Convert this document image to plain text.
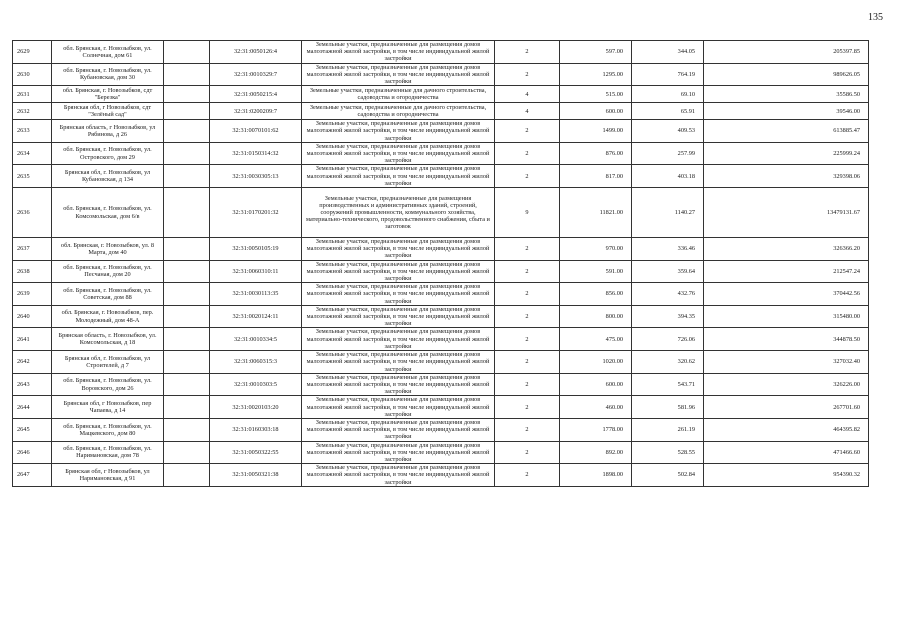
135
2629	обл. Брянская, г. Новозыбков, ул. Солнечная, дом 61		32:31:0050126:4	Земельные участки, предназначенные для размещения домов малоэтажной жилой застройки, в том числе индивидуальной жилой застройки	2	597.00	344.05	205397.85
2630	обл. Брянская, г. Новозыбков, ул. Кубановская, дом 30		32:31:0010329:7	Земельные участки, предназначенные для размещения домов малоэтажной жилой застройки, в том числе индивидуальной жилой застройки	2	1295.00	764.19	989626.05
2631	обл. Брянская, г. Новозыбков, сдт "Березка"		32:31:0050215:4	Земельные участки, предназначенные для дачного строительства, садоводства и огородничества	4	515.00	69.10	35586.50
2632	Брянская обл, г Новозыбков, сдт "Зелёный сад"		32:31:0200209:7	Земельные участки, предназначенные для дачного строительства, садоводства и огородничества	4	600.00	65.91	39546.00
2633	Брянская область, г Новозыбков, ул Рябинова, д 26		32:31:0070101:62	Земельные участки, предназначенные для размещения домов малоэтажной жилой застройки, в том числе индивидуальной жилой застройки	2	1499.00	409.53	613885.47
2634	обл. Брянская, г. Новозыбков, ул. Островского, дом 29		32:31:0150314:32	Земельные участки, предназначенные для размещения домов малоэтажной жилой застройки, в том числе индивидуальной жилой застройки	2	876.00	257.99	225999.24
2635	Брянская обл, г. Новозыбков, ул Кубановская, д 134		32:31:0030305:13	Земельные участки, предназначенные для размещения домов малоэтажной жилой застройки, в том числе индивидуальной жилой застройки	2	817.00	403.18	329398.06
2636	обл. Брянская, г. Новозыбков, ул. Комсомольская, дом 6/в		32:31:0170201:32	Земельные участки, предназначенные для размещения производственных и административных зданий, строений, сооружений промышленности, коммунального хозяйства, материально-технического, продовольственного снабжения, сбыта и заготовок	9	11821.00	1140.27	13479131.67
2637	обл. Брянская, г. Новозыбков, ул. 8 Марта, дом 40		32:31:0050105:19	Земельные участки, предназначенные для размещения домов малоэтажной жилой застройки, в том числе индивидуальной жилой застройки	2	970.00	336.46	326366.20
2638	обл. Брянская, г. Новозыбков, ул. Песчаная, дом 20		32:31:0060310:11	Земельные участки, предназначенные для размещения домов малоэтажной жилой застройки, в том числе индивидуальной жилой застройки	2	591.00	359.64	212547.24
2639	обл. Брянская, г. Новозыбков, ул. Советская, дом 88		32:31:0030113:35	Земельные участки, предназначенные для размещения домов малоэтажной жилой застройки, в том числе индивидуальной жилой застройки	2	856.00	432.76	370442.56
2640	обл. Брянская, г. Новозыбков, пер. Молодежный, дом 48-А		32:31:0020124:11	Земельные участки, предназначенные для размещения домов малоэтажной жилой застройки, в том числе индивидуальной жилой застройки	2	800.00	394.35	315480.00
2641	Брянская область, г. Новозыбков, ул. Комсомольская, д 18		32:31:0010334:5	Земельные участки, предназначенные для размещения домов малоэтажной жилой застройки, в том числе индивидуальной жилой застройки	2	475.00	726.06	344878.50
2642	Брянская обл, г. Новозыбков, ул Строителей, д 7		32:31:0060315:3	Земельные участки, предназначенные для размещения домов малоэтажной жилой застройки, в том числе индивидуальной жилой застройки	2	1020.00	320.62	327032.40
2643	обл. Брянская, г. Новозыбков, ул. Воровского, дом 26		32:31:0010303:5	Земельные участки, предназначенные для размещения домов малоэтажной жилой застройки, в том числе индивидуальной жилой застройки	2	600.00	543.71	326226.00
2644	Брянская обл, г Новозыбков, пер Чапаева, д 14		32:31:0020103:20	Земельные участки, предназначенные для размещения домов малоэтажной жилой застройки, в том числе индивидуальной жилой застройки	2	460.00	581.96	267701.60
2645	обл. Брянская, г. Новозыбков, ул. Мацкевского, дом 80		32:31:0160303:18	Земельные участки, предназначенные для размещения домов малоэтажной жилой застройки, в том числе индивидуальной жилой застройки	2	1778.00	261.19	464395.82
2646	обл. Брянская, г. Новозыбков, ул. Наримановская, дом 78		32:31:0050322:55	Земельные участки, предназначенные для размещения домов малоэтажной жилой застройки, в том числе индивидуальной жилой застройки	2	892.00	528.55	471466.60
2647	Брянская обл, г Новозыбков, ул Наримановская, д 91		32:31:0050321:38	Земельные участки, предназначенные для размещения домов малоэтажной жилой застройки, в том числе индивидуальной жилой застройки	2	1898.00	502.84	954390.32
